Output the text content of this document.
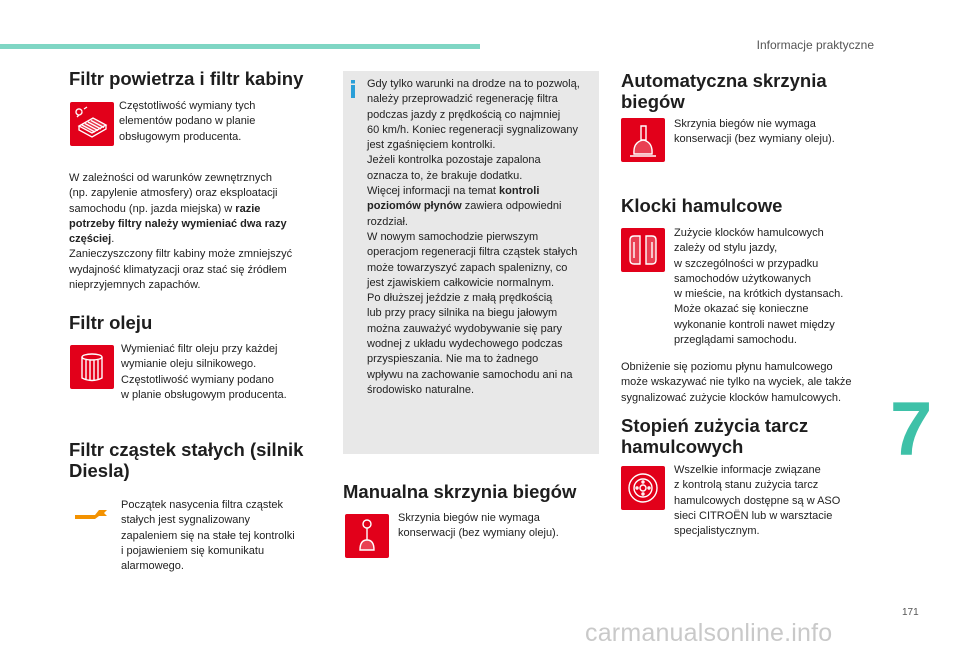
Informacje praktyczne
7
171
carmanualsonline.info
Filtr powietrza i filtr kabiny
Częstotliwość wymiany tych
elementów podano w planie
obsługowym producenta.
W zależności od warunków zewnętrznych
(np. zapylenie atmosfery) oraz eksploatacji
samochodu (np. jazda miejska) w razie
potrzeby filtry należy wymieniać dwa razy
częściej.
Zanieczyszczony filtr kabiny może zmniejszyć
wydajność klimatyzacji oraz stać się źródłem
nieprzyjemnych zapachów.
Filtr oleju
Wymieniać filtr oleju przy każdej
wymianie oleju silnikowego.
Częstotliwość wymiany podano
w planie obsługowym producenta.
Filtr cząstek stałych (silnik
Diesla)
Początek nasycenia filtra cząstek
stałych jest sygnalizowany
zapaleniem się na stałe tej kontrolki
i pojawieniem się komunikatu
alarmowego.
Gdy tylko warunki na drodze na to pozwolą,
należy przeprowadzić regenerację filtra
podczas jazdy z prędkością co najmniej
60 km/h. Koniec regeneracji sygnalizowany
jest zgaśnięciem kontrolki.
Jeżeli kontrolka pozostaje zapalona
oznacza to, że brakuje dodatku.
Więcej informacji na temat kontroli
poziomów płynów zawiera odpowiedni
rozdział.
W nowym samochodzie pierwszym
operacjom regeneracji filtra cząstek stałych
może towarzyszyć zapach spalenizny, co
jest zjawiskiem całkowicie normalnym.
Po dłuższej jeździe z małą prędkością
lub przy pracy silnika na biegu jałowym
można zauważyć wydobywanie się pary
wodnej z układu wydechowego podczas
przyspieszania. Nie ma to żadnego
wpływu na zachowanie samochodu ani na
środowisko naturalne.
Manualna skrzynia biegów
Skrzynia biegów nie wymaga
konserwacji (bez wymiany oleju).
Automatyczna skrzynia
biegów
Skrzynia biegów nie wymaga
konserwacji (bez wymiany oleju).
Klocki hamulcowe
Zużycie klocków hamulcowych
zależy od stylu jazdy,
w szczególności w przypadku
samochodów użytkowanych
w mieście, na krótkich dystansach.
Może okazać się konieczne
wykonanie kontroli nawet między
przeglądami samochodu.
Obniżenie się poziomu płynu hamulcowego
może wskazywać nie tylko na wyciek, ale także
sygnalizować zużycie klocków hamulcowych.
Stopień zużycia tarcz
hamulcowych
Wszelkie informacje związane
z kontrolą stanu zużycia tarcz
hamulcowych dostępne są w ASO
sieci CITROËN lub w warsztacie
specjalistycznym.
